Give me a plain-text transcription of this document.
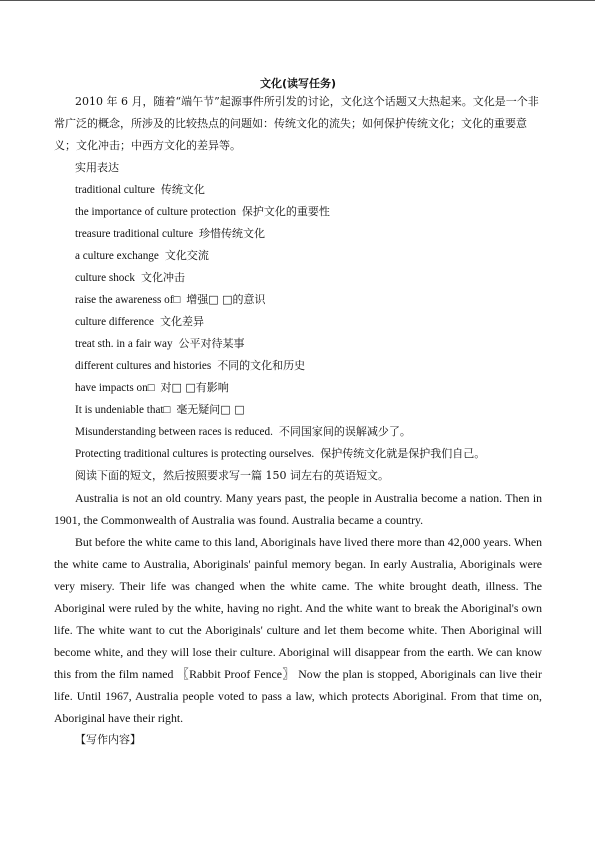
文化(读写任务)

2010 年 6 月，随着“端午节”起源事件所引发的讨论，文化这个话题又大热起来。文化是一个非常广泛的概念，所涉及的比较热点的问题如：传统文化的流失；如何保护传统文化；文化的重要意义；文化冲击；中西方文化的差异等。

实用表达
traditional culture 传统文化
the importance of culture protection 保护文化的重要性
treasure traditional culture 珍惜传统文化
a culture exchange 文化交流
culture shock 文化冲击
raise the awareness of□ 增强□ □的意识
culture difference 文化差异
treat sth. in a fair way 公平对待某事
different cultures and histories 不同的文化和历史
have impacts on□ 对□ □有影响
It is undeniable that□ 毫无疑问□ □
Misunderstanding between races is reduced. 不同国家间的误解减少了。
Protecting traditional cultures is protecting ourselves. 保护传统文化就是保护我们自己。
阅读下面的短文，然后按照要求写一篇 150 词左右的英语短文。

Australia is not an old country. Many years past, the people in Australia become a nation. Then in 1901, the Commonwealth of Australia was found. Australia became a country.

But before the white came to this land, Aboriginals have lived there more than 42,000 years. When the white came to Australia, Aboriginals' painful memory began. In early Australia, Aboriginals were very misery. Their life was changed when the white came. The white brought death, illness. The Aboriginal were ruled by the white, having no right. And the white want to break the Aboriginal's own life. The white want to cut the Aboriginals' culture and let them become white. Then Aboriginal will become white, and they will lose their culture. Aboriginal will disappear from the earth. We can know this from the film named 〖Rabbit Proof Fence〗 Now the plan is stopped, Aboriginals can live their life. Until 1967, Australia people voted to pass a law, which protects Aboriginal. From that time on, Aboriginal have their right.

【写作内容】
